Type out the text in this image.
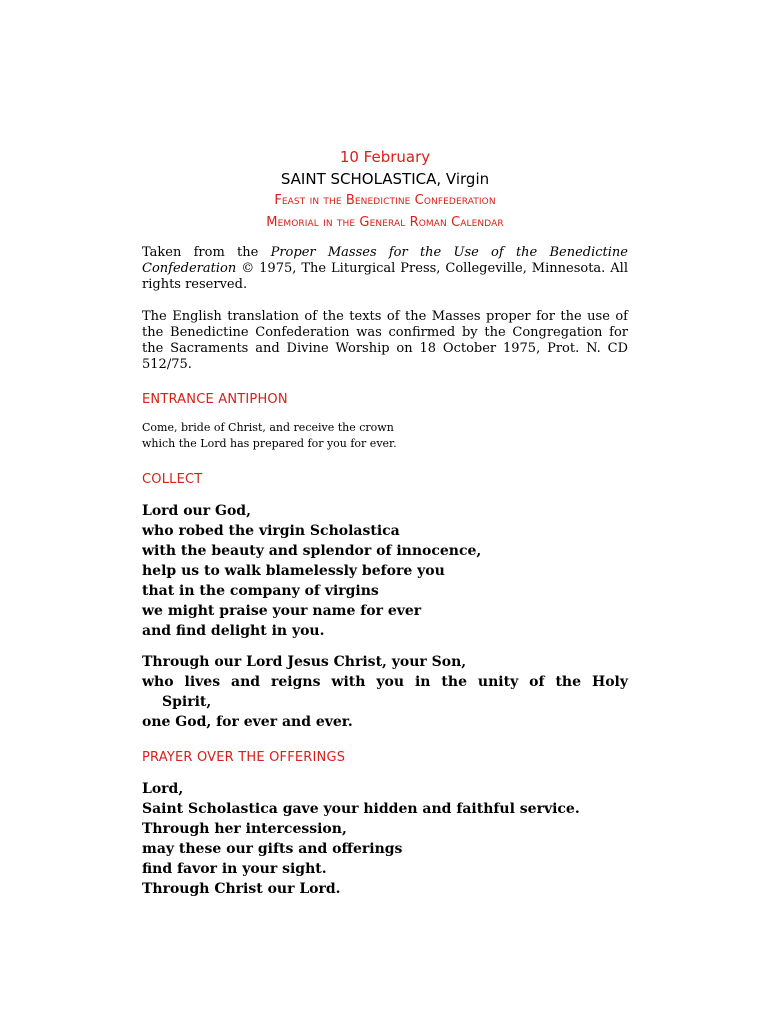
10 February
SAINT SCHOLASTICA, Virgin
Feast in the Benedictine Confederation
Memorial in the General Roman Calendar

Taken from the Proper Masses for the Use of the Benedictine Confederation © 1975, The Liturgical Press, Collegeville, Minnesota. All rights reserved.

The English translation of the texts of the Masses proper for the use of the Benedictine Confederation was confirmed by the Congregation for the Sacraments and Divine Worship on 18 October 1975, Prot. N. CD 512/75.

ENTRANCE ANTIPHON
Come, bride of Christ, and receive the crown
which the Lord has prepared for you for ever.
COLLECT
Lord our God,
who robed the virgin Scholastica
with the beauty and splendor of innocence,
help us to walk blamelessly before you
that in the company of virgins
we might praise your name for ever
and find delight in you.
Through our Lord Jesus Christ, your Son,
who lives and reigns with you in the unity of the Holy
Spirit,
one God, for ever and ever.
PRAYER OVER THE OFFERINGS
Lord,
Saint Scholastica gave your hidden and faithful service.
Through her intercession,
may these our gifts and offerings
find favor in your sight.
Through Christ our Lord.
